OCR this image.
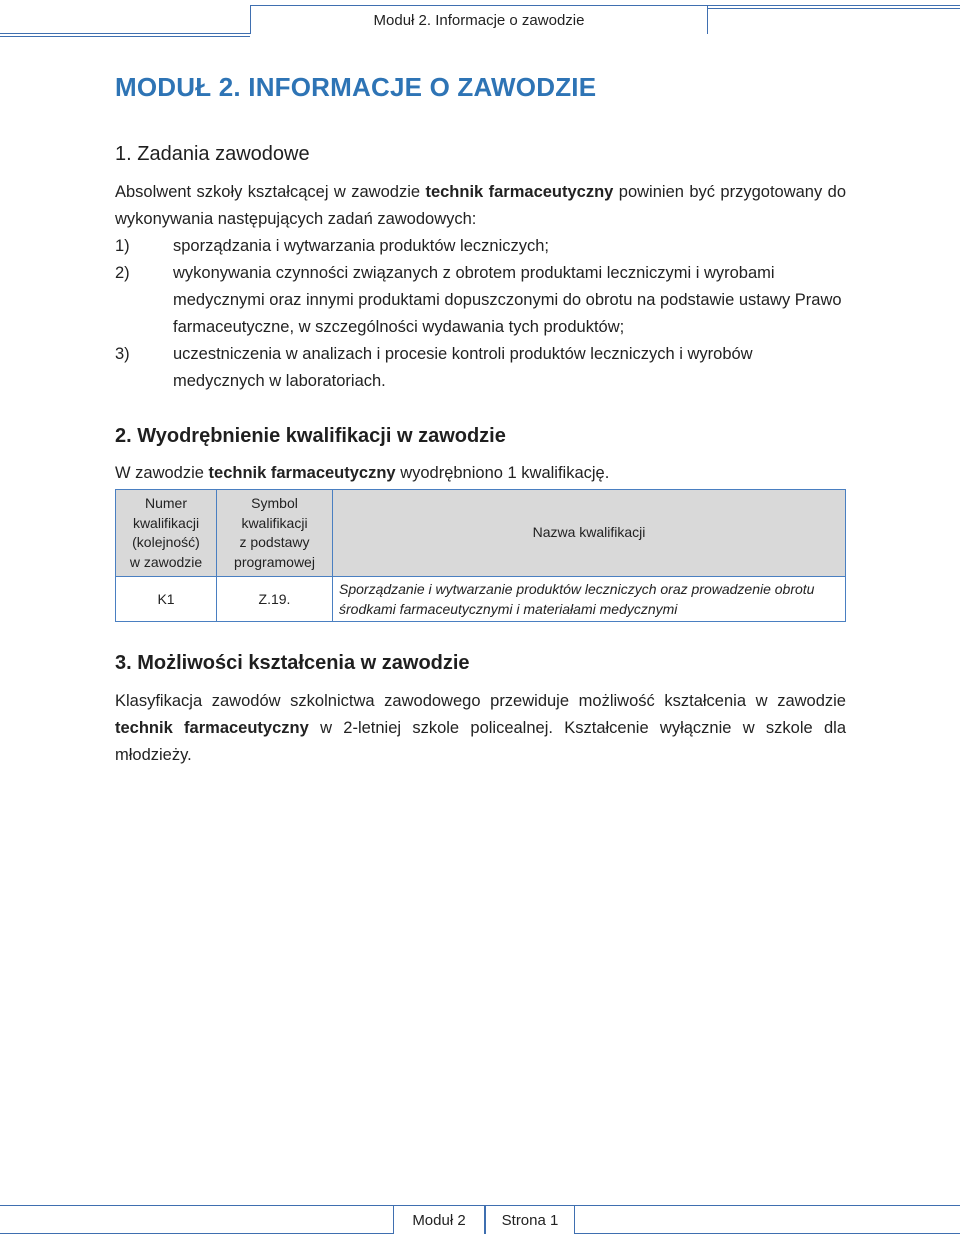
Moduł 2. Informacje o zawodzie
MODUŁ 2. INFORMACJE O ZAWODZIE
1. Zadania zawodowe

Absolwent szkoły kształcącej w zawodzie technik farmaceutyczny powinien być przygotowany do wykonywania następujących zadań zawodowych:

1)	sporządzania i wytwarzania produktów leczniczych;
2)	wykonywania czynności związanych z obrotem produktami leczniczymi i wyrobami medycznymi oraz innymi produktami dopuszczonymi do obrotu na podstawie ustawy Prawo farmaceutyczne, w szczególności wydawania tych produktów;
3)	uczestniczenia w analizach i procesie kontroli produktów leczniczych i wyrobów medycznych w laboratoriach.
2. Wyodrębnienie kwalifikacji w zawodzie

W zawodzie technik farmaceutyczny wyodrębniono 1 kwalifikację.

Numer
kwalifikacji
(kolejność)
w zawodzie	Symbol
kwalifikacji
z podstawy
programowej	Nazwa kwalifikacji
K1	Z.19.	Sporządzanie i wytwarzanie produktów leczniczych oraz prowadzenie obrotu środkami farmaceutycznymi i materiałami medycznymi
3. Możliwości kształcenia w zawodzie

Klasyfikacja zawodów szkolnictwa zawodowego przewiduje możliwość kształcenia w zawodzie technik farmaceutyczny w 2-letniej szkole policealnej. Kształcenie wyłącznie w szkole dla młodzieży.

Moduł 2 Strona 1
